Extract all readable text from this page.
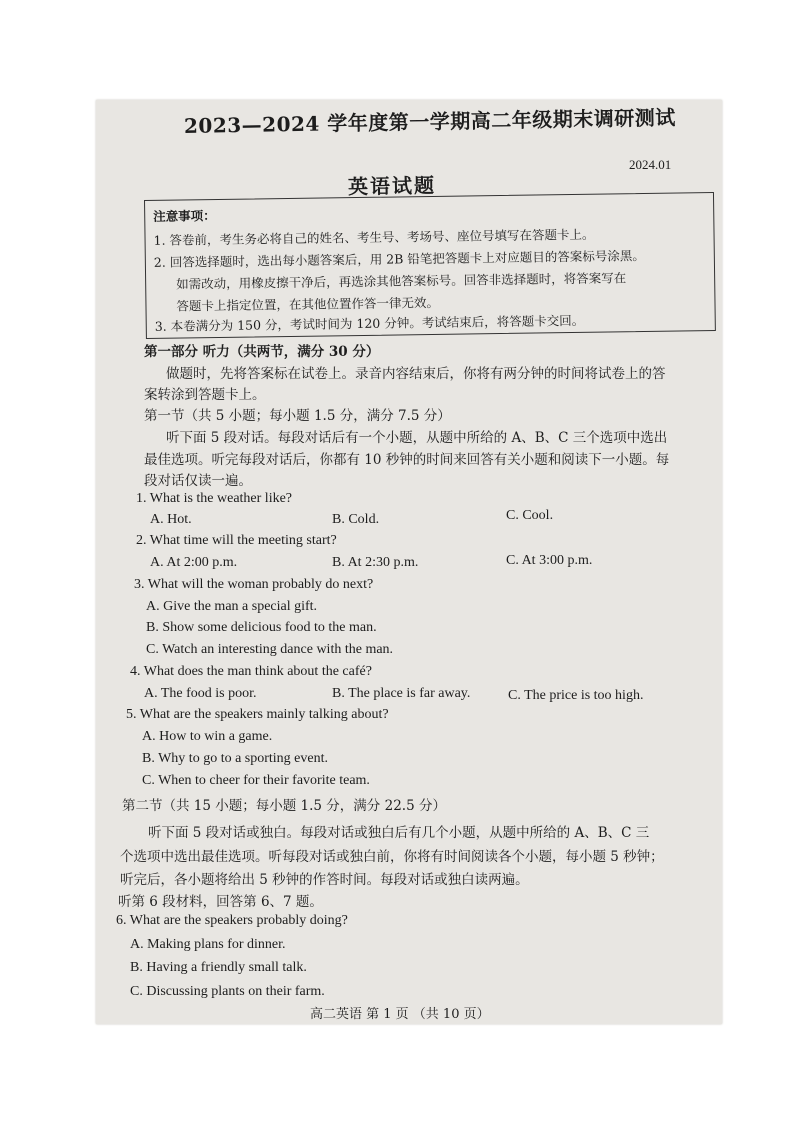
2023—2024 学年度第一学期高二年级期末调研测试
2024.01
英语试题
注意事项：
1. 答卷前，考生务必将自己的姓名、考生号、考场号、座位号填写在答题卡上。
2. 回答选择题时，选出每小题答案后，用 2B 铅笔把答题卡上对应题目的答案标号涂黑。
如需改动，用橡皮擦干净后，再选涂其他答案标号。回答非选择题时，将答案写在
答题卡上指定位置，在其他位置作答一律无效。
3. 本卷满分为 150 分，考试时间为 120 分钟。考试结束后，将答题卡交回。
第一部分 听力（共两节，满分 30 分）
做题时，先将答案标在试卷上。录音内容结束后，你将有两分钟的时间将试卷上的答
案转涂到答题卡上。
第一节（共 5 小题；每小题 1.5 分，满分 7.5 分）
听下面 5 段对话。每段对话后有一个小题，从题中所给的 A、B、C 三个选项中选出
最佳选项。听完每段对话后，你都有 10 秒钟的时间来回答有关小题和阅读下一小题。每
段对话仅读一遍。
1. What is the weather like?
A. Hot.	B. Cold.	C. Cool.
2. What time will the meeting start?
A. At 2:00 p.m.	B. At 2:30 p.m.	C. At 3:00 p.m.
3. What will the woman probably do next?
A. Give the man a special gift.
B. Show some delicious food to the man.
C. Watch an interesting dance with the man.
4. What does the man think about the café?
A. The food is poor.	B. The place is far away.	C. The price is too high.
5. What are the speakers mainly talking about?
A. How to win a game.
B. Why to go to a sporting event.
C. When to cheer for their favorite team.
第二节（共 15 小题；每小题 1.5 分，满分 22.5 分）
听下面 5 段对话或独白。每段对话或独白后有几个小题，从题中所给的 A、B、C 三
个选项中选出最佳选项。听每段对话或独白前，你将有时间阅读各个小题，每小题 5 秒钟；
听完后，各小题将给出 5 秒钟的作答时间。每段对话或独白读两遍。
听第 6 段材料，回答第 6、7 题。
6. What are the speakers probably doing?
A. Making plans for dinner.
B. Having a friendly small talk.
C. Discussing plants on their farm.
高二英语 第 1 页 （共 10 页）
